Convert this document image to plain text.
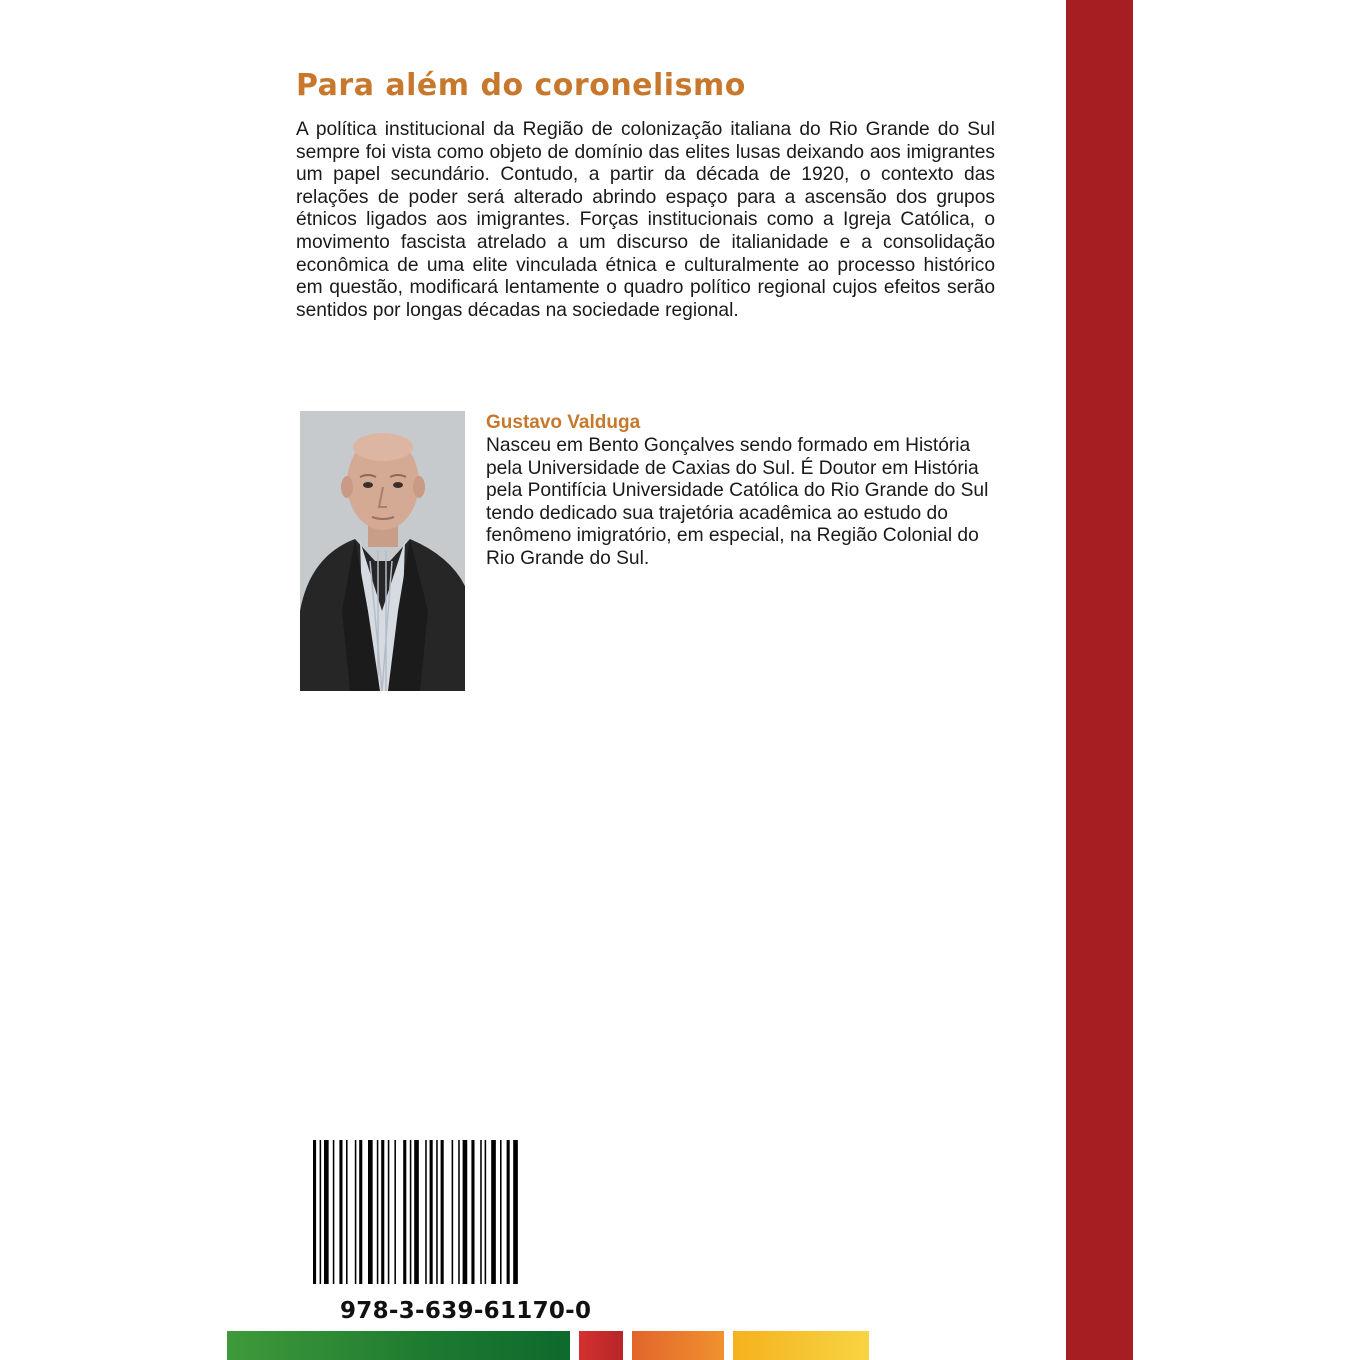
Para além do coronelismo

A política institucional da Região de colonização italiana do Rio Grande do Sul sempre foi vista como objeto de domínio das elites lusas deixando aos imigrantes um papel secundário. Contudo, a partir da década de 1920, o contexto das relações de poder será alterado abrindo espaço para a ascensão dos grupos étnicos ligados aos imigrantes. Forças institucionais como a Igreja Católica, o movimento fascista atrelado a um discurso de italianidade e a consolidação econômica de uma elite vinculada étnica e culturalmente ao processo histórico em questão, modificará lentamente o quadro político regional cujos efeitos serão sentidos por longas décadas na sociedade regional.

Gustavo Valduga

Nasceu em Bento Gonçalves sendo formado em História pela Universidade de Caxias do Sul. É Doutor em História pela Pontifícia Universidade Católica do Rio Grande do Sul tendo dedicado sua trajetória acadêmica ao estudo do fenômeno imigratório, em especial, na Região Colonial do Rio Grande do Sul.

978-3-639-61170-0
